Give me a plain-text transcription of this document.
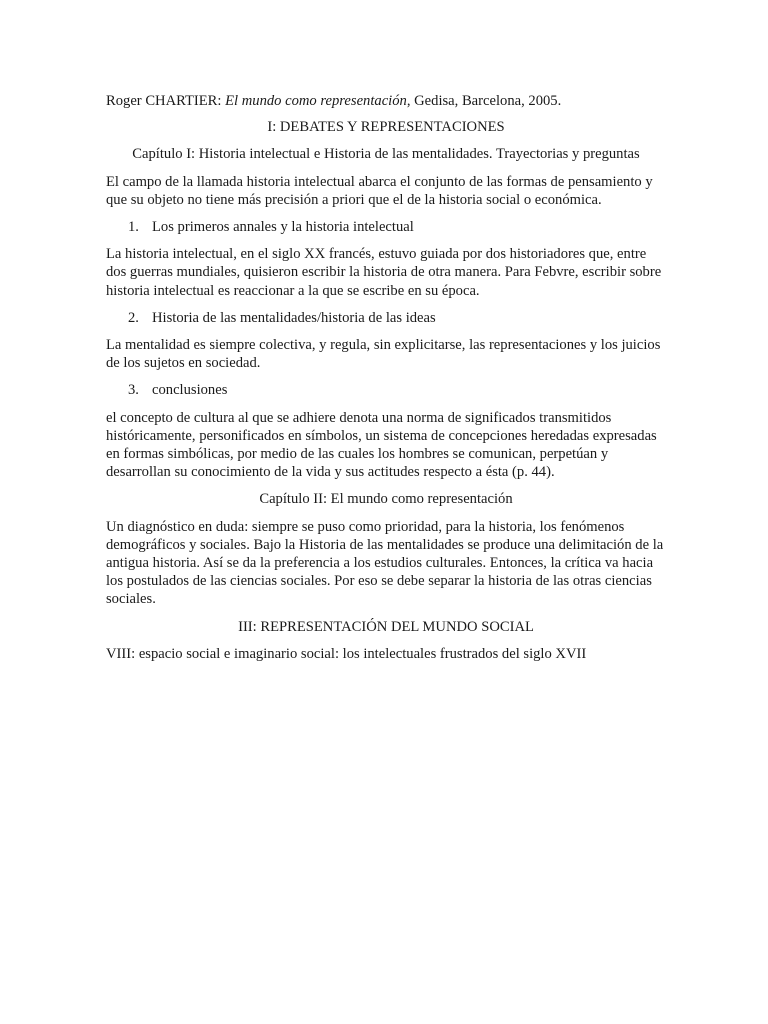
Roger CHARTIER: El mundo como representación, Gedisa, Barcelona, 2005.

I: DEBATES Y REPRESENTACIONES

Capítulo I: Historia intelectual e Historia de las mentalidades. Trayectorias y preguntas

El campo de la llamada historia intelectual abarca el conjunto de las formas de pensamiento y que su objeto no tiene más precisión a priori que el de la historia social o económica.

1. Los primeros annales y la historia intelectual

La historia intelectual, en el siglo XX francés, estuvo guiada por dos historiadores que, entre dos guerras mundiales, quisieron escribir la historia de otra manera. Para Febvre, escribir sobre historia intelectual es reaccionar a la que se escribe en su época.

2. Historia de las mentalidades/historia de las ideas

La mentalidad es siempre colectiva, y regula, sin explicitarse, las representaciones y los juicios de los sujetos en sociedad.

3. conclusiones

el concepto de cultura al que se adhiere denota una norma de significados transmitidos históricamente, personificados en símbolos, un sistema de concepciones heredadas expresadas en formas simbólicas, por medio de las cuales los hombres se comunican, perpetúan y desarrollan su conocimiento de la vida y sus actitudes respecto a ésta (p. 44).

Capítulo II: El mundo como representación

Un diagnóstico en duda: siempre se puso como prioridad, para la historia, los fenómenos demográficos y sociales. Bajo la Historia de las mentalidades se produce una delimitación de la antigua historia. Así se da la preferencia a los estudios culturales. Entonces, la crítica va hacia los postulados de las ciencias sociales. Por eso se debe separar la historia de las otras ciencias sociales.

III: REPRESENTACIÓN DEL MUNDO SOCIAL

VIII: espacio social e imaginario social: los intelectuales frustrados del siglo XVII
